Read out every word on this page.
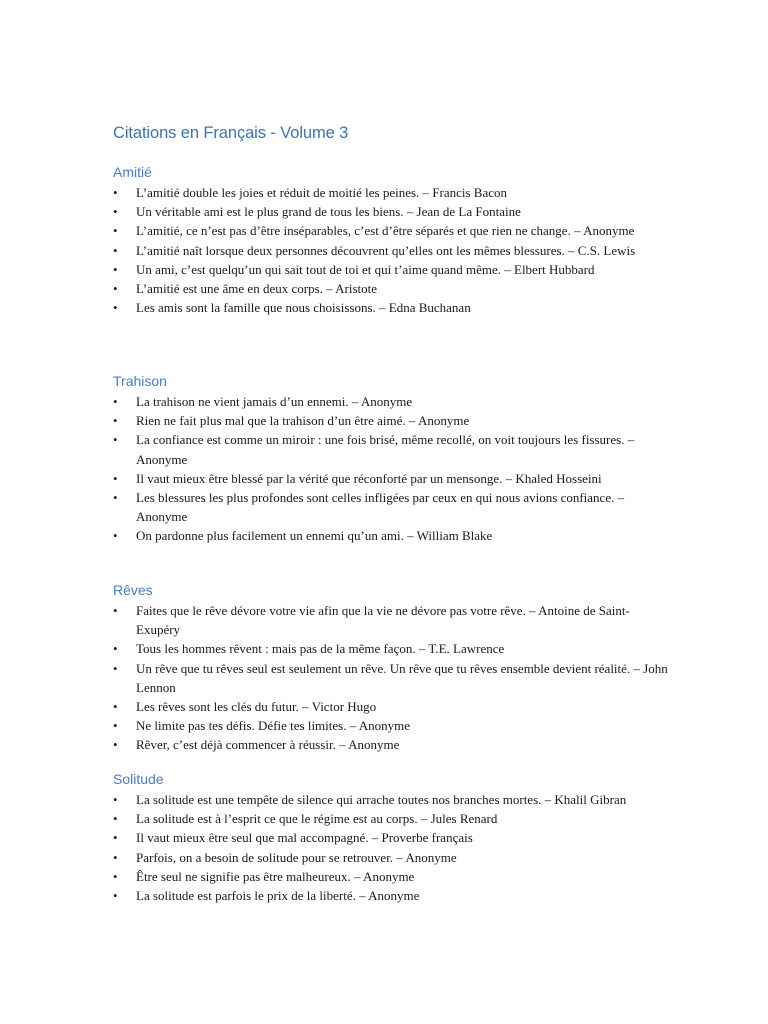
Citations en Français - Volume 3
Amitié
•	L’amitié double les joies et réduit de moitié les peines. – Francis Bacon
•	Un véritable ami est le plus grand de tous les biens. – Jean de La Fontaine
•	L’amitié, ce n’est pas d’être inséparables, c’est d’être séparés et que rien ne change. – Anonyme
•	L’amitié naît lorsque deux personnes découvrent qu’elles ont les mêmes blessures. – C.S. Lewis
•	Un ami, c’est quelqu’un qui sait tout de toi et qui t’aime quand même. – Elbert Hubbard
•	L’amitié est une âme en deux corps. – Aristote
•	Les amis sont la famille que nous choisissons. – Edna Buchanan
Trahison
•	La trahison ne vient jamais d’un ennemi. – Anonyme
•	Rien ne fait plus mal que la trahison d’un être aimé. – Anonyme
•	La confiance est comme un miroir : une fois brisé, même recollé, on voit toujours les fissures. – Anonyme
•	Il vaut mieux être blessé par la vérité que réconforté par un mensonge. – Khaled Hosseini
•	Les blessures les plus profondes sont celles infligées par ceux en qui nous avions confiance. – Anonyme
•	On pardonne plus facilement un ennemi qu’un ami. – William Blake
Rêves
•	Faites que le rêve dévore votre vie afin que la vie ne dévore pas votre rêve. – Antoine de Saint-Exupéry
•	Tous les hommes rêvent : mais pas de la même façon. – T.E. Lawrence
•	Un rêve que tu rêves seul est seulement un rêve. Un rêve que tu rêves ensemble devient réalité. – John Lennon
•	Les rêves sont les clés du futur. – Victor Hugo
•	Ne limite pas tes défis. Défie tes limites. – Anonyme
•	Rêver, c’est déjà commencer à réussir. – Anonyme
Solitude
•	La solitude est une tempête de silence qui arrache toutes nos branches mortes. – Khalil Gibran
•	La solitude est à l’esprit ce que le régime est au corps. – Jules Renard
•	Il vaut mieux être seul que mal accompagné. – Proverbe français
•	Parfois, on a besoin de solitude pour se retrouver. – Anonyme
•	Être seul ne signifie pas être malheureux. – Anonyme
•	La solitude est parfois le prix de la liberté. – Anonyme
